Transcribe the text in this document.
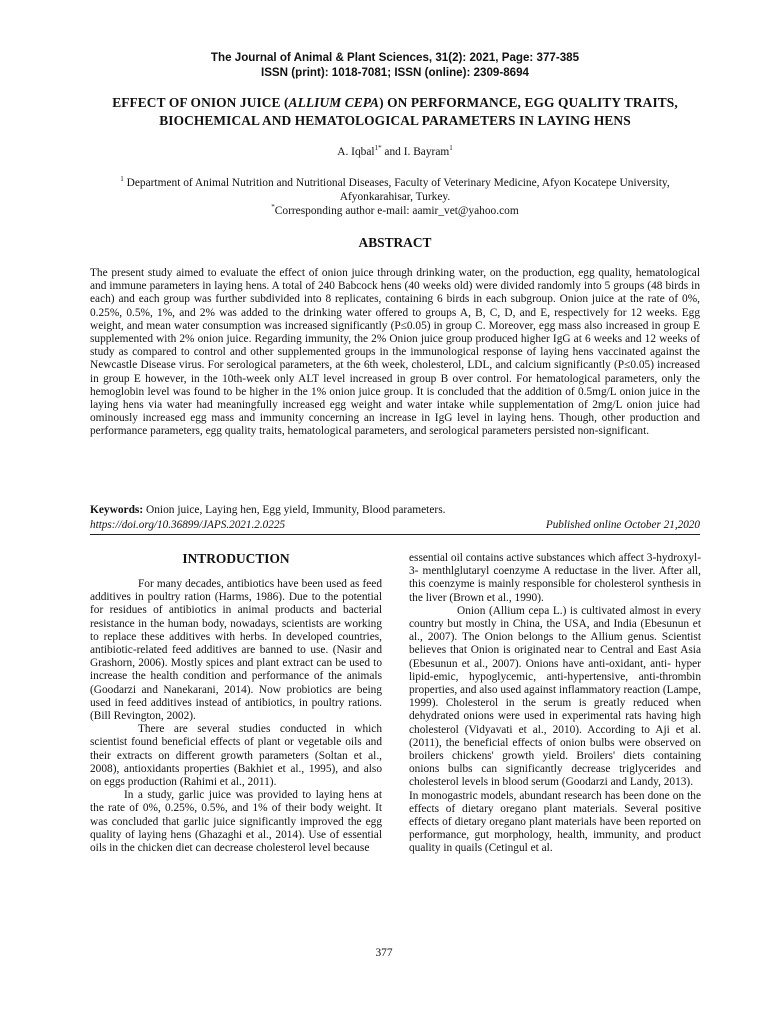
The Journal of Animal & Plant Sciences, 31(2): 2021, Page: 377-385
ISSN (print): 1018-7081; ISSN (online): 2309-8694
EFFECT OF ONION JUICE (ALLIUM CEPA) ON PERFORMANCE, EGG QUALITY TRAITS, BIOCHEMICAL AND HEMATOLOGICAL PARAMETERS IN LAYING HENS
A. Iqbal$^{1*}$ and I. Bayram$^1$
$^1$ Department of Animal Nutrition and Nutritional Diseases, Faculty of Veterinary Medicine, Afyon Kocatepe University,
Afyonkarahisar, Turkey.
*Corresponding author e-mail: aamir_vet@yahoo.com
ABSTRACT
The present study aimed to evaluate the effect of onion juice through drinking water, on the production, egg quality, hematological and immune parameters in laying hens. A total of 240 Babcock hens (40 weeks old) were divided randomly into 5 groups (48 birds in each) and each group was further subdivided into 8 replicates, containing 6 birds in each subgroup. Onion juice at the rate of 0%, 0.25%, 0.5%, 1%, and 2% was added to the drinking water offered to groups A, B, C, D, and E, respectively for 12 weeks. Egg weight, and mean water consumption was increased significantly (P≤0.05) in group C. Moreover, egg mass also increased in group E supplemented with 2% onion juice. Regarding immunity, the 2% Onion juice group produced higher IgG at 6 weeks and 12 weeks of study as compared to control and other supplemented groups in the immunological response of laying hens vaccinated against the Newcastle Disease virus. For serological parameters, at the 6th week, cholesterol, LDL, and calcium significantly (P≤0.05) increased in group E however, in the 10th-week only ALT level increased in group B over control. For hematological parameters, only the hemoglobin level was found to be higher in the 1% onion juice group. It is concluded that the addition of 0.5mg/L onion juice in the laying hens via water had meaningfully increased egg weight and water intake while supplementation of 2mg/L onion juice had ominously increased egg mass and immunity concerning an increase in IgG level in laying hens. Though, other production and performance parameters, egg quality traits, hematological parameters, and serological parameters persisted non-significant.
Keywords: Onion juice, Laying hen, Egg yield, Immunity, Blood parameters.
https://doi.org/10.36899/JAPS.2021.2.0225	Published online October 21,2020
INTRODUCTION

For many decades, antibiotics have been used as feed additives in poultry ration (Harms, 1986). Due to the potential for residues of antibiotics in animal products and bacterial resistance in the human body, nowadays, scientists are working to replace these additives with herbs. In developed countries, antibiotic-related feed additives are banned to use. (Nasir and Grashorn, 2006). Mostly spices and plant extract can be used to increase the health condition and performance of the animals (Goodarzi and Nanekarani, 2014). Now probiotics are being used in feed additives instead of antibiotics, in poultry rations. (Bill Revington, 2002).

There are several studies conducted in which scientist found beneficial effects of plant or vegetable oils and their extracts on different growth parameters (Soltan et al., 2008), antioxidants properties (Bakhiet et al., 1995), and also on eggs production (Rahimi et al., 2011).

In a study, garlic juice was provided to laying hens at the rate of 0%, 0.25%, 0.5%, and 1% of their body weight. It was concluded that garlic juice significantly improved the egg quality of laying hens (Ghazaghi et al., 2014). Use of essential oils in the chicken diet can decrease cholesterol level because

essential oil contains active substances which affect 3-hydroxyl- 3- menthlglutaryl coenzyme A reductase in the liver. After all, this coenzyme is mainly responsible for cholesterol synthesis in the liver (Brown et al., 1990).

Onion (Allium cepa L.) is cultivated almost in every country but mostly in China, the USA, and India (Ebesunun et al., 2007). The Onion belongs to the Allium genus. Scientist believes that Onion is originated near to Central and East Asia (Ebesunun et al., 2007). Onions have anti-oxidant, anti- hyper lipid-emic, hypoglycemic, anti-hypertensive, anti-thrombin properties, and also used against inflammatory reaction (Lampe, 1999). Cholesterol in the serum is greatly reduced when dehydrated onions were used in experimental rats having high cholesterol (Vidyavati et al., 2010). According to Aji et al. (2011), the beneficial effects of onion bulbs were observed on broilers chickens' growth yield. Broilers' diets containing onions bulbs can significantly decrease triglycerides and cholesterol levels in blood serum (Goodarzi and Landy, 2013).

In monogastric models, abundant research has been done on the effects of dietary oregano plant materials. Several positive effects of dietary oregano plant materials have been reported on performance, gut morphology, health, immunity, and product quality in quails (Cetingul et al.

377
